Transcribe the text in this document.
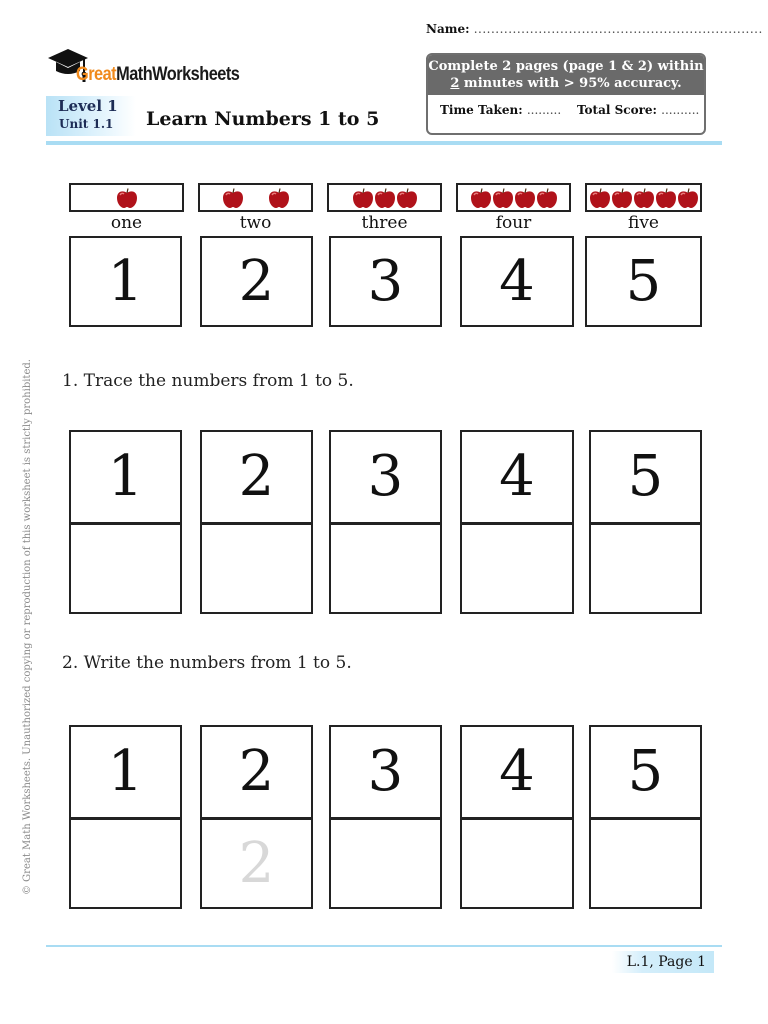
GreatMathWorksheets
Level 1
Unit 1.1 Learn Numbers 1 to 5
Name: ...................................................................
Complete 2 pages (page 1 & 2) within
2 minutes with > 95% accuracy.
Time Taken: ......... Total Score: ..........
one
1
two
2
three
3
four
4
five
5
1. Trace the numbers from 1 to 5.
1 2 3 4 5
2. Write the numbers from 1 to 5.
1 2
2
3 4 5
© Great Math Worksheets. Unauthorized copying or reproduction of this worksheet is strictly prohibited.
L.1, Page 1
